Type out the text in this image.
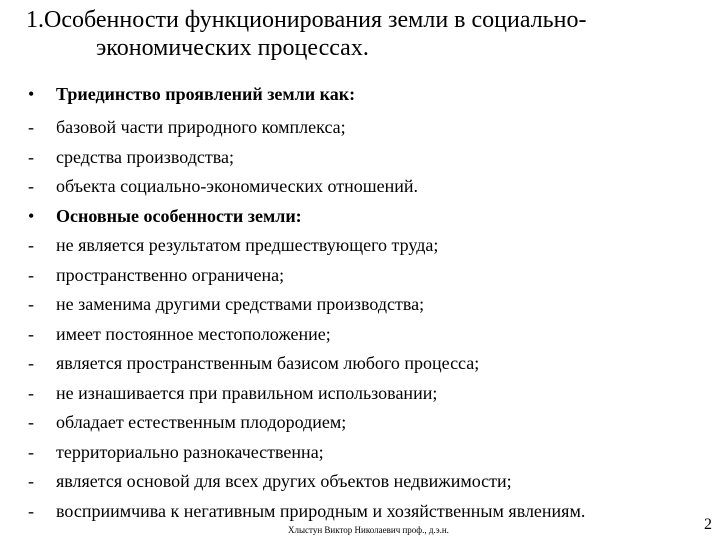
1.Особенности функционирования земли в социально-
экономических процессах.
•	Триединство проявлений земли как:
-	базовой части природного комплекса;
-	средства производства;
-	объекта социально-экономических отношений.
•	Основные особенности земли:
-	не является результатом предшествующего труда;
-	пространственно ограничена;
-	не заменима другими средствами производства;
-	имеет постоянное местоположение;
-	является пространственным базисом любого процесса;
-	не изнашивается при правильном использовании;
-	обладает естественным плодородием;
-	территориально разнокачественна;
-	является основой для всех других объектов недвижимости;
-	восприимчива к негативным природным и хозяйственным явлениям.
Хлыстун Виктор Николаевич проф., д.э.н.	2
